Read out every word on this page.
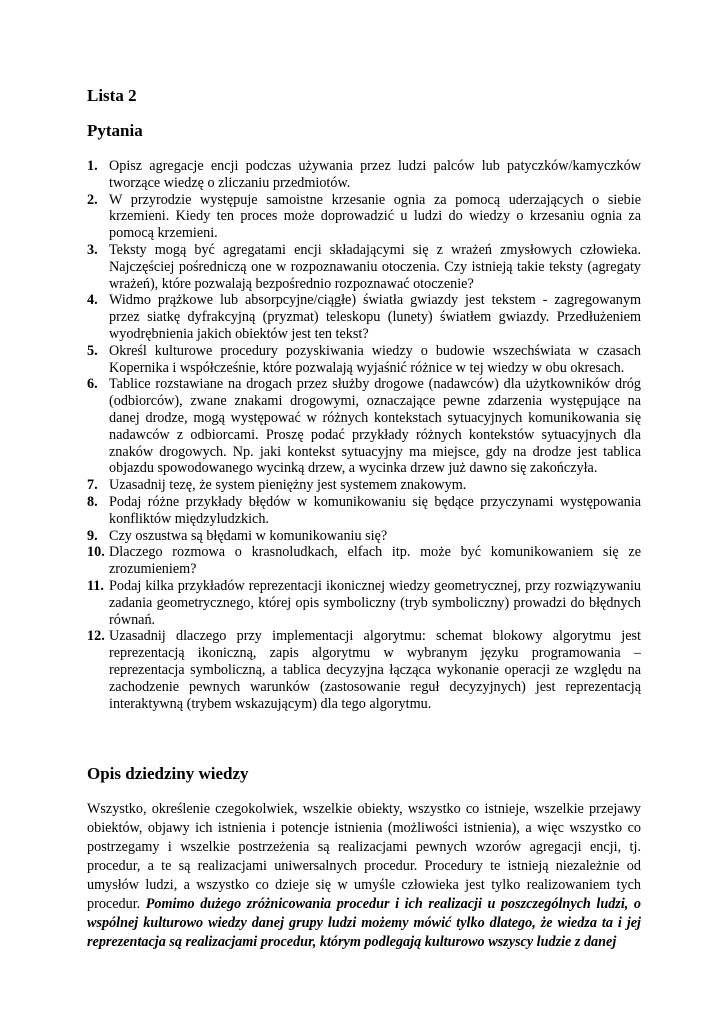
Lista 2
Pytania
1. Opisz agregacje encji podczas używania przez ludzi palców lub patyczków/kamyczków tworzące wiedzę o zliczaniu przedmiotów.
2. W przyrodzie występuje samoistne krzesanie ognia za pomocą uderzających o siebie krzemieni. Kiedy ten proces może doprowadzić u ludzi do wiedzy o krzesaniu ognia za pomocą krzemieni.
3. Teksty mogą być agregatami encji składającymi się z wrażeń zmysłowych człowieka. Najczęściej pośredniczą one w rozpoznawaniu otoczenia. Czy istnieją takie teksty (agregaty wrażeń), które pozwalają bezpośrednio rozpoznawać otoczenie?
4. Widmo prążkowe lub absorpcyjne/ciągłe) światła gwiazdy jest tekstem - zagregowanym przez siatkę dyfrakcyjną (pryzmat) teleskopu (lunety) światłem gwiazdy. Przedłużeniem wyodrębnienia jakich obiektów jest ten tekst?
5. Określ kulturowe procedury pozyskiwania wiedzy o budowie wszechświata w czasach Kopernika i współcześnie, które pozwalają wyjaśnić różnice w tej wiedzy w obu okresach.
6. Tablice rozstawiane na drogach przez służby drogowe (nadawców) dla użytkowników dróg (odbiorców), zwane znakami drogowymi, oznaczające pewne zdarzenia występujące na danej drodze, mogą występować w różnych kontekstach sytuacyjnych komunikowania się nadawców z odbiorcami. Proszę podać przykłady różnych kontekstów sytuacyjnych dla znaków drogowych. Np. jaki kontekst sytuacyjny ma miejsce, gdy na drodze jest tablica objazdu spowodowanego wycinką drzew, a wycinka drzew już dawno się zakończyła.
7. Uzasadnij tezę, że system pieniężny jest systemem znakowym.
8. Podaj różne przykłady błędów w komunikowaniu się będące przyczynami występowania konfliktów międzyludzkich.
9. Czy oszustwa są błędami w komunikowaniu się?
10. Dlaczego rozmowa o krasnoludkach, elfach itp. może być komunikowaniem się ze zrozumieniem?
11. Podaj kilka przykładów reprezentacji ikonicznej wiedzy geometrycznej, przy rozwiązywaniu zadania geometrycznego, której opis symboliczny (tryb symboliczny) prowadzi do błędnych równań.
12. Uzasadnij dlaczego przy implementacji algorytmu: schemat blokowy algorytmu jest reprezentacją ikoniczną, zapis algorytmu w wybranym języku programowania – reprezentacja symboliczną, a tablica decyzyjna łącząca wykonanie operacji ze względu na zachodzenie pewnych warunków (zastosowanie reguł decyzyjnych) jest reprezentacją interaktywną (trybem wskazującym) dla tego algorytmu.
Opis dziedziny wiedzy

Wszystko, określenie czegokolwiek, wszelkie obiekty, wszystko co istnieje, wszelkie przejawy obiektów, objawy ich istnienia i potencje istnienia (możliwości istnienia), a więc wszystko co postrzegamy i wszelkie postrzeżenia są realizacjami pewnych wzorów agregacji encji, tj. procedur, a te są realizacjami uniwersalnych procedur. Procedury te istnieją niezależnie od umysłów ludzi, a wszystko co dzieje się w umyśle człowieka jest tylko realizowaniem tych procedur. Pomimo dużego zróżnicowania procedur i ich realizacji u poszczególnych ludzi, o wspólnej kulturowo wiedzy danej grupy ludzi możemy mówić tylko dlatego, że wiedza ta i jej reprezentacja są realizacjami procedur, którym podlegają kulturowo wszyscy ludzie z danej
